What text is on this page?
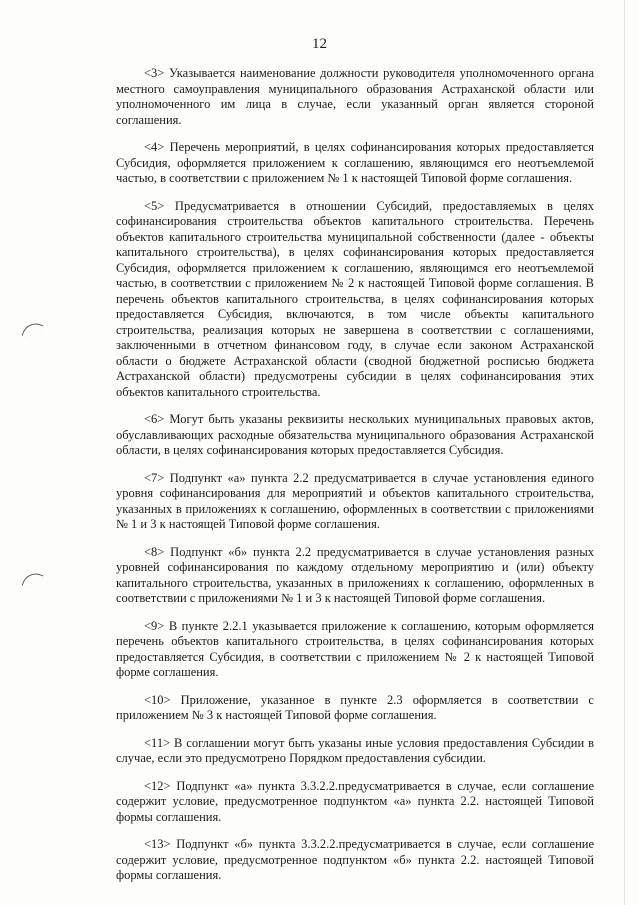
12

<3> Указывается наименование должности руководителя уполномоченного органа местного самоуправления муниципального образования Астраханской области или уполномоченного им лица в случае, если указанный орган является стороной соглашения.

<4> Перечень мероприятий, в целях софинансирования которых предоставляется Субсидия, оформляется приложением к соглашению, являющимся его неотъемлемой частью, в соответствии с приложением № 1 к настоящей Типовой форме соглашения.

<5> Предусматривается в отношении Субсидий, предоставляемых в целях софинансирования строительства объектов капитального строительства. Перечень объектов капитального строительства муниципальной собственности (далее - объекты капитального строительства), в целях софинансирования которых предоставляется Субсидия, оформляется приложением к соглашению, являющимся его неотъемлемой частью, в соответствии с приложением № 2 к настоящей Типовой форме соглашения. В перечень объектов капитального строительства, в целях софинансирования которых предоставляется Субсидия, включаются, в том числе объекты капитального строительства, реализация которых не завершена в соответствии с соглашениями, заключенными в отчетном финансовом году, в случае если законом Астраханской области о бюджете Астраханской области (сводной бюджетной росписью бюджета Астраханской области) предусмотрены субсидии в целях софинансирования этих объектов капитального строительства.

<6> Могут быть указаны реквизиты нескольких муниципальных правовых актов, обуславливающих расходные обязательства муниципального образования Астраханской области, в целях софинансирования которых предоставляется Субсидия.

<7> Подпункт «а» пункта 2.2 предусматривается в случае установления единого уровня софинансирования для мероприятий и объектов капитального строительства, указанных в приложениях к соглашению, оформленных в соответствии с приложениями № 1 и 3 к настоящей Типовой форме соглашения.

<8> Подпункт «б» пункта 2.2 предусматривается в случае установления разных уровней софинансирования по каждому отдельному мероприятию и (или) объекту капитального строительства, указанных в приложениях к соглашению, оформленных в соответствии с приложениями № 1 и 3 к настоящей Типовой форме соглашения.

<9> В пункте 2.2.1 указывается приложение к соглашению, которым оформляется перечень объектов капитального строительства, в целях софинансирования которых предоставляется Субсидия, в соответствии с приложением № 2 к настоящей Типовой форме соглашения.

<10> Приложение, указанное в пункте 2.3 оформляется в соответствии с приложением № 3 к настоящей Типовой форме соглашения.

<11> В соглашении могут быть указаны иные условия предоставления Субсидии в случае, если это предусмотрено Порядком предоставления субсидии.

<12> Подпункт «а» пункта 3.3.2.2.предусматривается в случае, если соглашение содержит условие, предусмотренное подпунктом «а» пункта 2.2. настоящей Типовой формы соглашения.

<13> Подпункт «б» пункта 3.3.2.2.предусматривается в случае, если соглашение содержит условие, предусмотренное подпунктом «б» пункта 2.2. настоящей Типовой формы соглашения.
